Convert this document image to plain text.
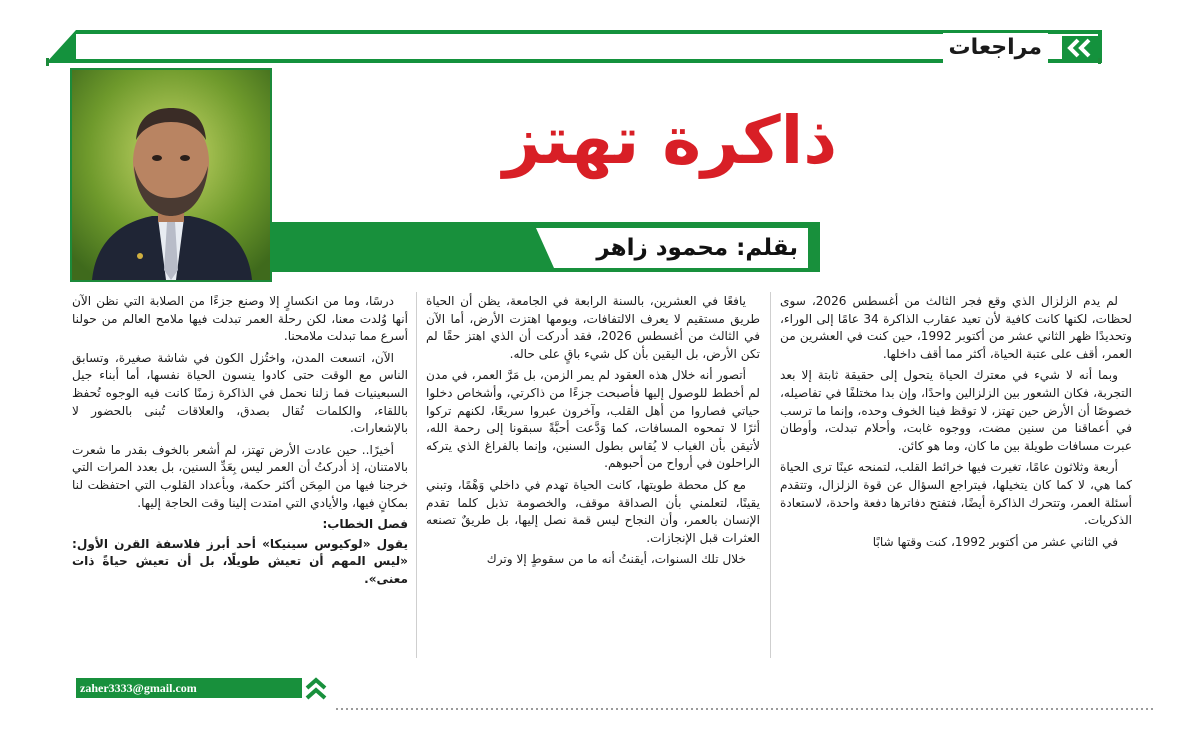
مراجعات
ذاكرة تهتز
بقلم: محمود زاهر

لم يدم الزلزال الذي وقع فجر الثالث من أغسطس 2026، سوى لحظات، لكنها كانت كافية لأن تعيد عقارب الذاكرة 34 عامًا إلى الوراء، وتحديدًا ظهر الثاني عشر من أكتوبر 1992، حين كنت في العشرين من العمر، أقف على عتبة الحياة، أكثر مما أقف داخلها.

وبما أنه لا شيء في معترك الحياة يتحول إلى حقيقة ثابتة إلا بعد التجربة، فكان الشعور بين الزلزالين واحدًا، وإن بدا مختلفًا في تفاصيله، خصوصًا أن الأرض حين تهتز، لا توقظ فينا الخوف وحده، وإنما ما ترسب في أعماقنا من سنين مضت، ووجوه غابت، وأحلام تبدلت، وأوطان عبرت مسافات طويلة بين ما كان، وما هو كائن.

أربعة وثلاثون عامًا، تغيرت فيها خرائط القلب، لتمنحه عينًا ترى الحياة كما هي، لا كما كان يتخيلها، فيتراجع السؤال عن قوة الزلزال، وتتقدم أسئلة العمر، وتتحرك الذاكرة أيضًا، فتفتح دفاترها دفعة واحدة، لاستعادة الذكريات.

في الثاني عشر من أكتوبر 1992، كنت وقتها شابًا

يافعًا في العشرين، بالسنة الرابعة في الجامعة، يظن أن الحياة طريق مستقيم لا يعرف الالتفافات، ويومها اهتزت الأرض، أما الآن في الثالث من أغسطس 2026، فقد أدركت أن الذي اهتز حقًا لم تكن الأرض، بل اليقين بأن كل شيء باقٍ على حاله.

أتصور أنه خلال هذه العقود لم يمر الزمن، بل مَرَّ العمر، في مدن لم أخطط للوصول إليها فأصبحت جزءًا من ذاكرتي، وأشخاص دخلوا حياتي فصاروا من أهل القلب، وآخرون عبروا سريعًا، لكنهم تركوا أثرًا لا تمحوه المسافات، كما وَدَّعت أحبَّةً سبقونا إلى رحمة الله، لأتيقن بأن الغياب لا يُقاس بطول السنين، وإنما بالفراغ الذي يتركه الراحلون في أرواح من أحبوهم.

مع كل محطة طويتها، كانت الحياة تهدم في داخلي وَهْمًا، وتبني يقينًا، لتعلمني بأن الصداقة موقف، والخصومة تذبل كلما تقدم الإنسان بالعمر، وأن النجاح ليس قمة نصل إليها، بل طريقٌ تصنعه العثرات قبل الإنجازات.

خلال تلك السنوات، أيقنتُ أنه ما من سقوطٍ إلا وترك

درسًا، وما من انكسارٍ إلا وصنع جزءًا من الصلابة التي نظن الآن أنها وُلدت معنا، لكن رحلة العمر تبدلت فيها ملامح العالم من حولنا أسرع مما تبدلت ملامحنا.

الآن، اتسعت المدن، واختُزل الكون في شاشة صغيرة، وتسابق الناس مع الوقت حتى كادوا ينسون الحياة نفسها، أما أبناء جيل السبعينيات فما زلنا نحمل في الذاكرة زمنًا كانت فيه الوجوه تُحفظ باللقاء، والكلمات تُقال بصدق، والعلاقات تُبنى بالحضور لا بالإشعارات.

أخيرًا.. حين عادت الأرض تهتز، لم أشعر بالخوف بقدر ما شعرت بالامتنان، إذ أدركتُ أن العمر ليس بِعَدِّ السنين، بل بعدد المرات التي خرجنا فيها من المِحَن أكثر حكمة، وبأعداد القلوب التي احتفظت لنا بمكانٍ فيها، والأيادي التي امتدت إلينا وقت الحاجة إليها.

فصل الخطاب:

يقول «لوكيوس سينيكا» أحد أبرز فلاسفة القرن الأول: «ليس المهم أن تعيش طويلًا، بل أن تعيش حياةً ذات معنى».

zaher3333@gmail.com
